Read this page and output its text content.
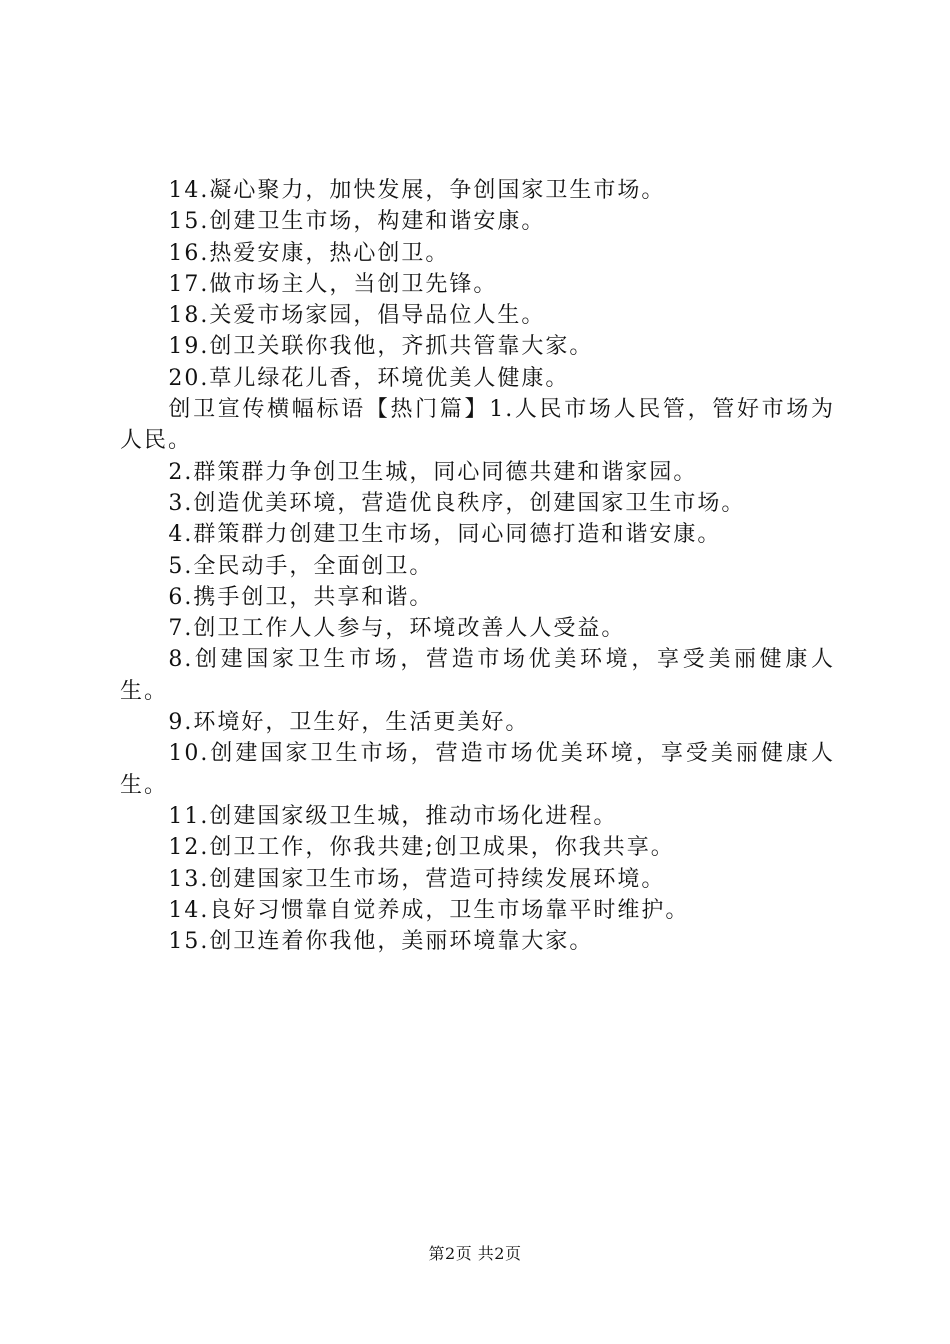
14.凝心聚力，加快发展，争创国家卫生市场。

15.创建卫生市场，构建和谐安康。

16.热爱安康，热心创卫。

17.做市场主人，当创卫先锋。

18.关爱市场家园，倡导品位人生。

19.创卫关联你我他，齐抓共管靠大家。

20.草儿绿花儿香，环境优美人健康。

创卫宣传横幅标语【热门篇】1.人民市场人民管，管好市场为人民。

2.群策群力争创卫生城，同心同德共建和谐家园。

3.创造优美环境，营造优良秩序，创建国家卫生市场。

4.群策群力创建卫生市场，同心同德打造和谐安康。

5.全民动手，全面创卫。

6.携手创卫，共享和谐。

7.创卫工作人人参与，环境改善人人受益。

8.创建国家卫生市场，营造市场优美环境，享受美丽健康人生。

9.环境好，卫生好，生活更美好。

10.创建国家卫生市场，营造市场优美环境，享受美丽健康人生。

11.创建国家级卫生城，推动市场化进程。

12.创卫工作，你我共建;创卫成果，你我共享。

13.创建国家卫生市场，营造可持续发展环境。

14.良好习惯靠自觉养成，卫生市场靠平时维护。

15.创卫连着你我他，美丽环境靠大家。

第2页 共2页
